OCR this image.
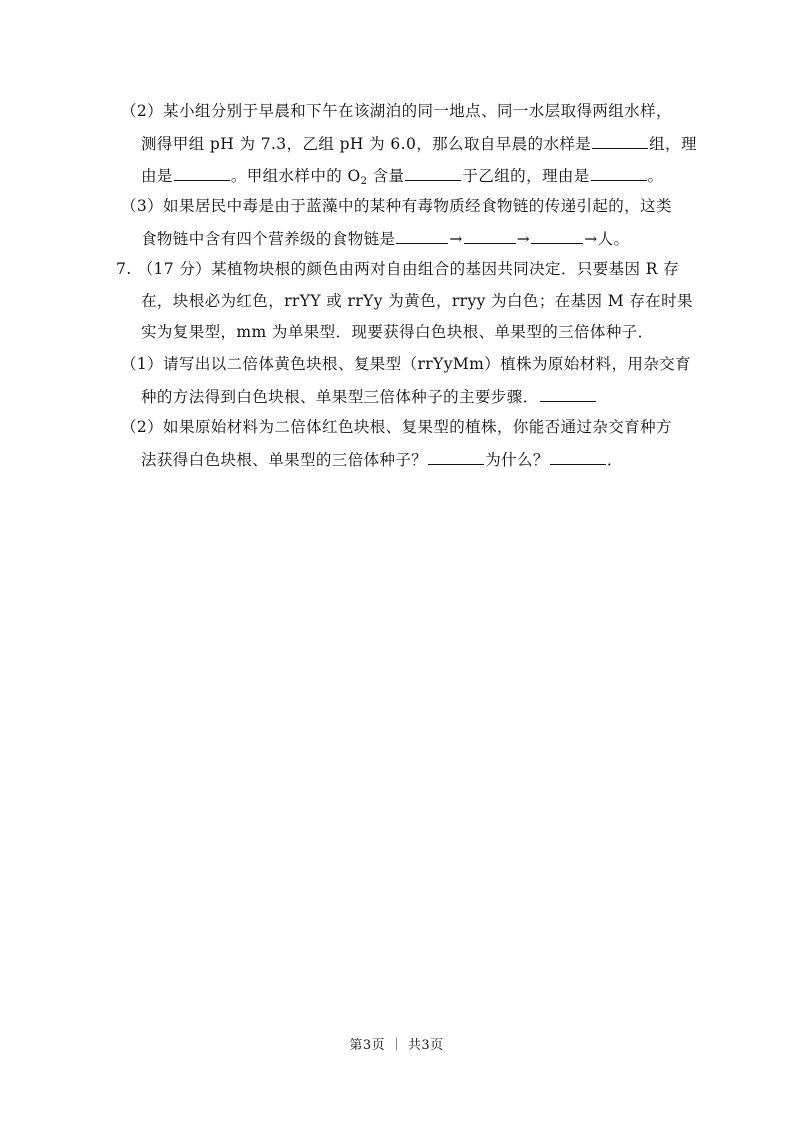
（2）某小组分别于早晨和下午在该湖泊的同一地点、同一水层取得两组水样，
测得甲组 pH 为 7.3，乙组 pH 为 6.0，那么取自早晨的水样是	组，理
由是	。甲组水样中的 $O_2$ 含量	于乙组的，理由是	。
（3）如果居民中毒是由于蓝藻中的某种有毒物质经食物链的传递引起的，这类
食物链中含有四个营养级的食物链是	→	→	→人。
7. （17 分）某植物块根的颜色由两对自由组合的基因共同决定．只要基因 R 存
在，块根必为红色，rrYY 或 rrYy 为黄色，rryy 为白色；在基因 M 存在时果
实为复果型，mm 为单果型．现要获得白色块根、单果型的三倍体种子．
（1）请写出以二倍体黄色块根、复果型（rrYyMm）植株为原始材料，用杂交育
种的方法得到白色块根、单果型三倍体种子的主要步骤．
（2）如果原始材料为二倍体红色块根、复果型的植株，你能否通过杂交育种方
法获得白色块根、单果型的三倍体种子？	为什么？	．
第3页 ｜ 共3页
